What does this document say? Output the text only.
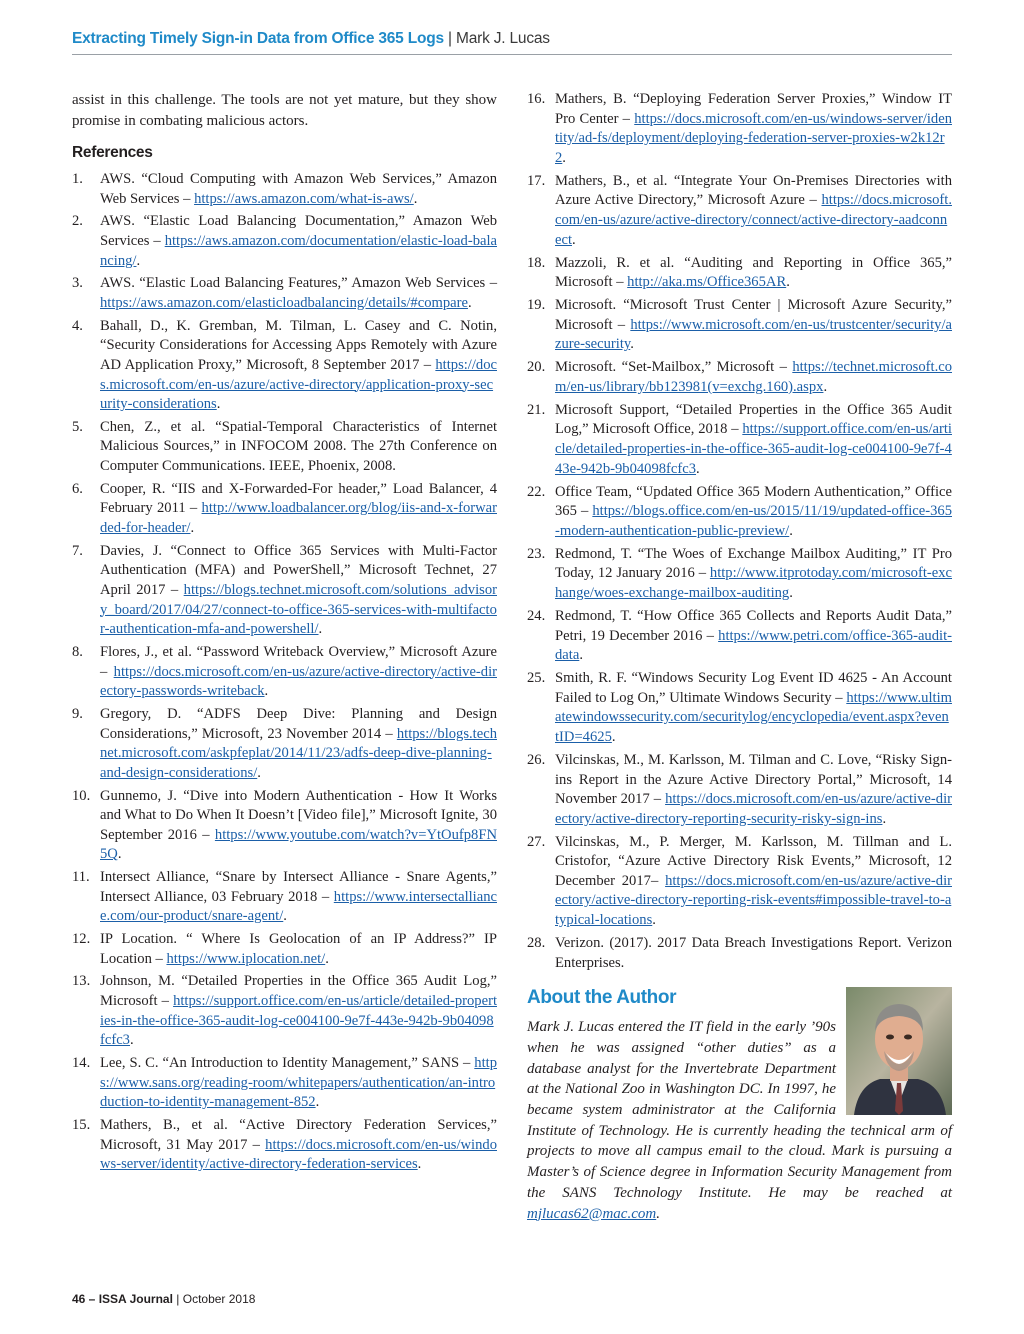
Extracting Timely Sign-in Data from Office 365 Logs | Mark J. Lucas

assist in this challenge. The tools are not yet mature, but they show promise in combating malicious actors.

References
1. AWS. “Cloud Computing with Amazon Web Services,” Amazon Web Services – https://aws.amazon.com/what-is-aws/.
2. AWS. “Elastic Load Balancing Documentation,” Amazon Web Services – https://aws.amazon.com/documentation/elastic-load-balancing/.
3. AWS. “Elastic Load Balancing Features,” Amazon Web Services – https://aws.amazon.com/elasticloadbalancing/details/#compare.
4. Bahall, D., K. Gremban, M. Tilman, L. Casey and C. Notin, “Security Considerations for Accessing Apps Remotely with Azure AD Application Proxy,” Microsoft, 8 September 2017 – https://docs.microsoft.com/en-us/azure/active-directory/application-proxy-security-considerations.
5. Chen, Z., et al. “Spatial-Temporal Characteristics of Internet Malicious Sources,” in INFOCOM 2008. The 27th Conference on Computer Communications. IEEE, Phoenix, 2008.
6. Cooper, R. “IIS and X-Forwarded-For header,” Load Balancer, 4 February 2011 – http://www.loadbalancer.org/blog/iis-and-x-forwarded-for-header/.
7. Davies, J. “Connect to Office 365 Services with Multi-Factor Authentication (MFA) and PowerShell,” Microsoft Technet, 27 April 2017 – https://blogs.technet.microsoft.com/solutions_advisory_board/2017/04/27/connect-to-office-365-services-with-multifactor-authentication-mfa-and-powershell/.
8. Flores, J., et al. “Password Writeback Overview,” Microsoft Azure – https://docs.microsoft.com/en-us/azure/active-directory/active-directory-passwords-writeback.
9. Gregory, D. “ADFS Deep Dive: Planning and Design Considerations,” Microsoft, 23 November 2014 – https://blogs.technet.microsoft.com/askpfeplat/2014/11/23/adfs-deep-dive-planning-and-design-considerations/.
10. Gunnemo, J. “Dive into Modern Authentication - How It Works and What to Do When It Doesn’t [Video file],” Microsoft Ignite, 30 September 2016 – https://www.youtube.com/watch?v=YtOufp8FN5Q.
11. Intersect Alliance, “Snare by Intersect Alliance - Snare Agents,” Intersect Alliance, 03 February 2018 – https://www.intersectalliance.com/our-product/snare-agent/.
12. IP Location. “ Where Is Geolocation of an IP Address?” IP Location – https://www.iplocation.net/.
13. Johnson, M. “Detailed Properties in the Office 365 Audit Log,” Microsoft – https://support.office.com/en-us/article/detailed-properties-in-the-office-365-audit-log-ce004100-9e7f-443e-942b-9b04098fcfc3.
14. Lee, S. C. “An Introduction to Identity Management,” SANS – https://www.sans.org/reading-room/whitepapers/authentication/an-introduction-to-identity-management-852.
15. Mathers, B., et al. “Active Directory Federation Services,” Microsoft, 31 May 2017 – https://docs.microsoft.com/en-us/windows-server/identity/active-directory-federation-services.
16. Mathers, B. “Deploying Federation Server Proxies,” Window IT Pro Center – https://docs.microsoft.com/en-us/windows-server/identity/ad-fs/deployment/deploying-federation-server-proxies-w2k12r2.
17. Mathers, B., et al. “Integrate Your On-Premises Directories with Azure Active Directory,” Microsoft Azure – https://docs.microsoft.com/en-us/azure/active-directory/connect/active-directory-aadconnect.
18. Mazzoli, R. et al. “Auditing and Reporting in Office 365,” Microsoft – http://aka.ms/Office365AR.
19. Microsoft. “Microsoft Trust Center | Microsoft Azure Security,” Microsoft – https://www.microsoft.com/en-us/trustcenter/security/azure-security.
20. Microsoft. “Set-Mailbox,” Microsoft – https://technet.microsoft.com/en-us/library/bb123981(v=exchg.160).aspx.
21. Microsoft Support, “Detailed Properties in the Office 365 Audit Log,” Microsoft Office, 2018 – https://support.office.com/en-us/article/detailed-properties-in-the-office-365-audit-log-ce004100-9e7f-443e-942b-9b04098fcfc3.
22. Office Team, “Updated Office 365 Modern Authentication,” Office 365 – https://blogs.office.com/en-us/2015/11/19/updated-office-365-modern-authentication-public-preview/.
23. Redmond, T. “The Woes of Exchange Mailbox Auditing,” IT Pro Today, 12 January 2016 – http://www.itprotoday.com/microsoft-exchange/woes-exchange-mailbox-auditing.
24. Redmond, T. “How Office 365 Collects and Reports Audit Data,” Petri, 19 December 2016 – https://www.petri.com/office-365-audit-data.
25. Smith, R. F. “Windows Security Log Event ID 4625 - An Account Failed to Log On,” Ultimate Windows Security – https://www.ultimatewindowssecurity.com/securitylog/encyclopedia/event.aspx?eventID=4625.
26. Vilcinskas, M., M. Karlsson, M. Tilman and C. Love, “Risky Sign-ins Report in the Azure Active Directory Portal,” Microsoft, 14 November 2017 – https://docs.microsoft.com/en-us/azure/active-directory/active-directory-reporting-security-risky-sign-ins.
27. Vilcinskas, M., P. Merger, M. Karlsson, M. Tillman and L. Cristofor, “Azure Active Directory Risk Events,” Microsoft, 12 December 2017– https://docs.microsoft.com/en-us/azure/active-directory/active-directory-reporting-risk-events#impossible-travel-to-atypical-locations.
28. Verizon. (2017). 2017 Data Breach Investigations Report. Verizon Enterprises.
About the Author

Mark J. Lucas entered the IT field in the early ’90s when he was assigned “other duties” as a database analyst for the Invertebrate Department at the National Zoo in Washington DC. In 1997, he became system administrator at the California Institute of Technology. He is currently heading the technical arm of projects to move all campus email to the cloud. Mark is pursuing a Master’s of Science degree in Information Security Management from the SANS Technology Institute. He may be reached at mjlucas62@mac.com.

46 – ISSA Journal | October 2018
